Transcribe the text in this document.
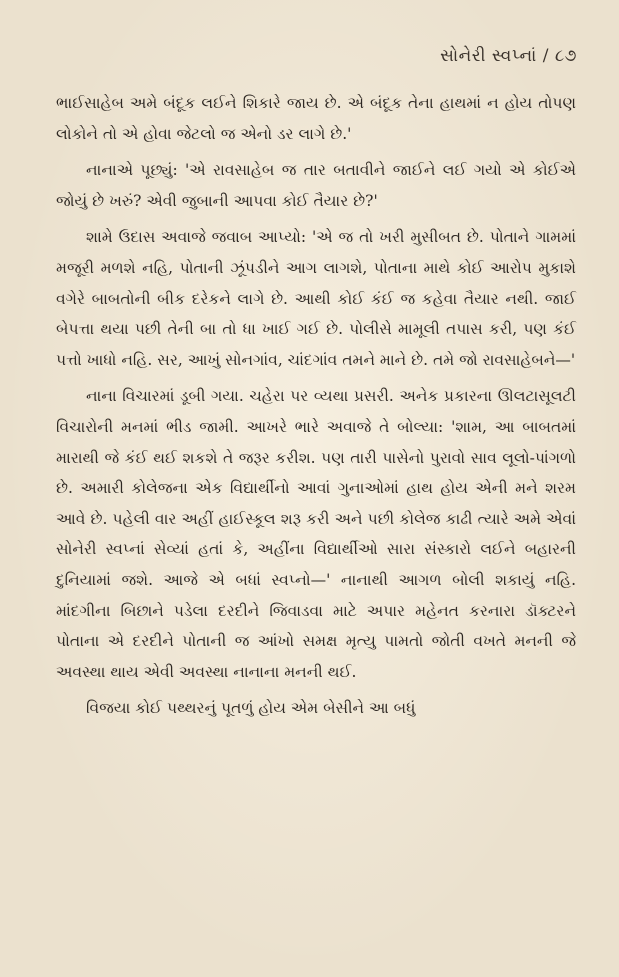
સોનેરી સ્વપ્નાં / ૮૭

ભાઈસાહેબ અમે બંદૂક લઈને શિકારે જાય છે. એ બંદૂક તેના હાથમાં ન હોય તોપણ લોકોને તો એ હોવા જેટલો જ એનો ડર લાગે છે.'

નાનાએ પૂછ્યું: 'એ રાવસાહેબ જ તાર બતાવીને જાઈને લઈ ગયો એ કોઈએ જોયું છે ખરું? એવી જુબાની આપવા કોઈ તૈયાર છે?'

શામે ઉદાસ અવાજે જવાબ આપ્યો: 'એ જ તો ખરી મુસીબત છે. પોતાને ગામમાં મજૂરી મળશે નહિ, પોતાની ઝૂંપડીને આગ લાગશે, પોતાના માથે કોઈ આરોપ મુકાશે વગેરે બાબતોની બીક દરેકને લાગે છે. આથી કોઈ કંઈ જ કહેવા તૈયાર નથી. જાઈ બેપત્તા થયા પછી તેની બા તો ધા ખાઈ ગઈ છે. પોલીસે મામૂલી તપાસ કરી, પણ કંઈ પત્તો ખાધો નહિ. સર, આખું સોનગાંવ, ચાંદગાંવ તમને માને છે. તમે જો રાવસાહેબને—'

નાના વિચારમાં ડૂબી ગયા. ચહેરા પર વ્યથા પ્રસરી. અનેક પ્રકારના ઊલટાસૂલટી વિચારોની મનમાં ભીડ જામી. આખરે ભારે અવાજે તે બોલ્યા: 'શામ, આ બાબતમાં મારાથી જે કંઈ થઈ શકશે તે જરૂર કરીશ. પણ તારી પાસેનો પુરાવો સાવ લૂલો-પાંગળો છે. અમારી કોલેજના એક વિદ્યાર્થીનો આવાં ગુનાઓમાં હાથ હોય એની મને શરમ આવે છે. પહેલી વાર અહીં હાઈસ્કૂલ શરૂ કરી અને પછી કોલેજ કાઢી ત્યારે અમે એવાં સોનેરી સ્વપ્નાં સેવ્યાં હતાં કે, અહીંના વિદ્યાર્થીઓ સારા સંસ્કારો લઈને બહારની દુનિયામાં જશે. આજે એ બધાં સ્વપ્નો—' નાનાથી આગળ બોલી શકાયું નહિ. માંદગીના બિછાને પડેલા દરદીને જિવાડવા માટે અપાર મહેનત કરનારા ડૉક્ટરને પોતાના એ દરદીને પોતાની જ આંખો સમક્ષ મૃત્યુ પામતો જોતી વખતે મનની જે અવસ્થા થાય એવી અવસ્થા નાનાના મનની થઈ.

વિજયા કોઈ પથ્થરનું પૂતળું હોય એમ બેસીને આ બધું
